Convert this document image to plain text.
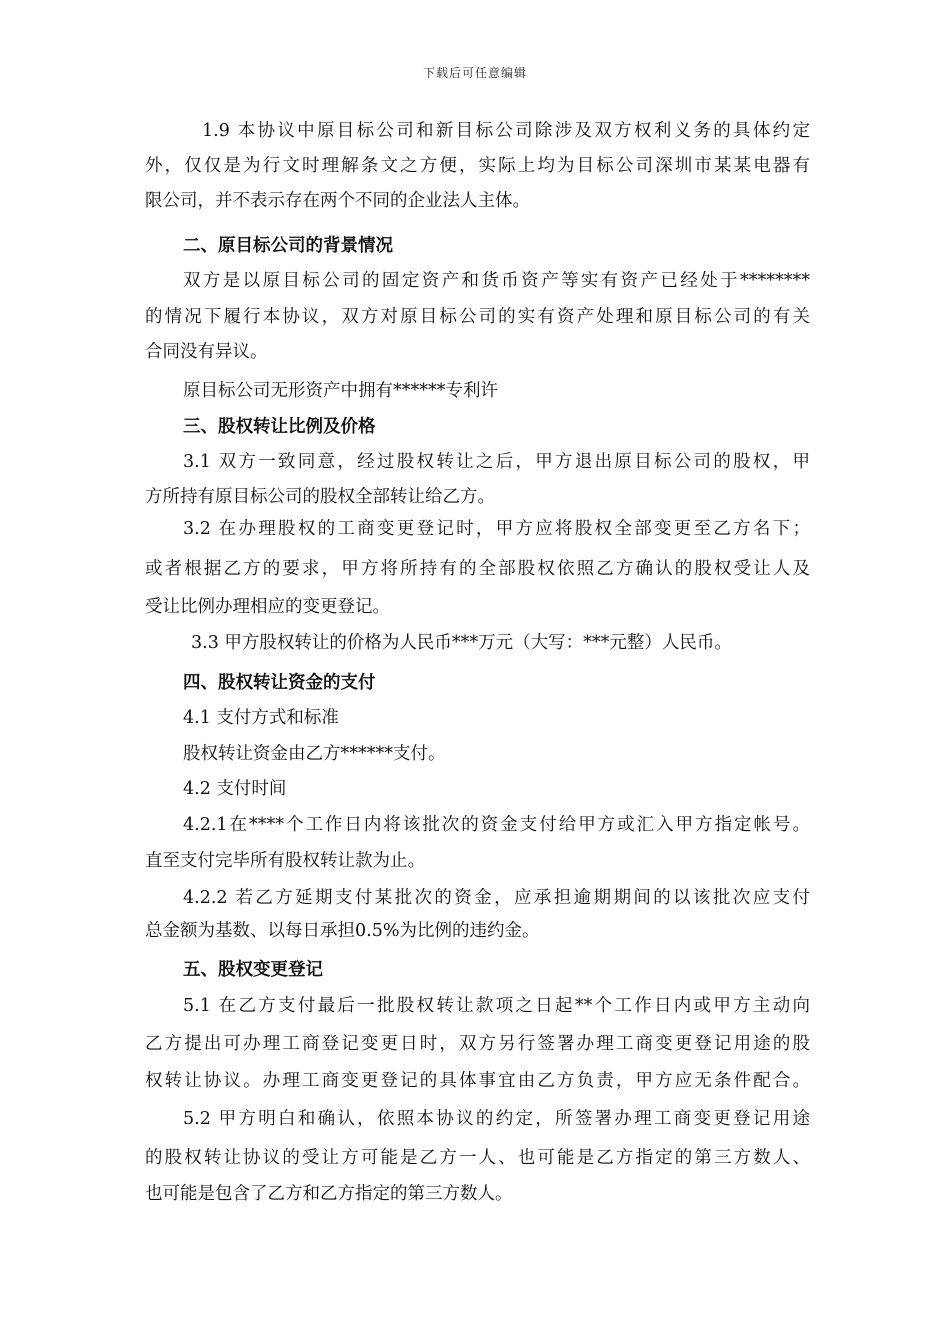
下载后可任意编辑
1.9 本协议中原目标公司和新目标公司除涉及双方权利义务的具体约定
外，仅仅是为行文时理解条文之方便，实际上均为目标公司深圳市某某电器有
限公司，并不表示存在两个不同的企业法人主体。
二、原目标公司的背景情况
双方是以原目标公司的固定资产和货币资产等实有资产已经处于********
的情况下履行本协议，双方对原目标公司的实有资产处理和原目标公司的有关
合同没有异议。
原目标公司无形资产中拥有******专利许
三、股权转让比例及价格
3.1 双方一致同意，经过股权转让之后，甲方退出原目标公司的股权，甲
方所持有原目标公司的股权全部转让给乙方。
3.2 在办理股权的工商变更登记时，甲方应将股权全部变更至乙方名下；
或者根据乙方的要求，甲方将所持有的全部股权依照乙方确认的股权受让人及
受让比例办理相应的变更登记。
3.3 甲方股权转让的价格为人民币***万元（大写：***元整）人民币。
四、股权转让资金的支付
4.1 支付方式和标准
股权转让资金由乙方******支付。
4.2 支付时间
4.2.1在****个工作日内将该批次的资金支付给甲方或汇入甲方指定帐号。
直至支付完毕所有股权转让款为止。
4.2.2 若乙方延期支付某批次的资金，应承担逾期期间的以该批次应支付
总金额为基数、以每日承担0.5%为比例的违约金。
五、股权变更登记
5.1 在乙方支付最后一批股权转让款项之日起**个工作日内或甲方主动向
乙方提出可办理工商登记变更日时，双方另行签署办理工商变更登记用途的股
权转让协议。办理工商变更登记的具体事宜由乙方负责，甲方应无条件配合。
5.2 甲方明白和确认，依照本协议的约定，所签署办理工商变更登记用途
的股权转让协议的受让方可能是乙方一人、也可能是乙方指定的第三方数人、
也可能是包含了乙方和乙方指定的第三方数人。
